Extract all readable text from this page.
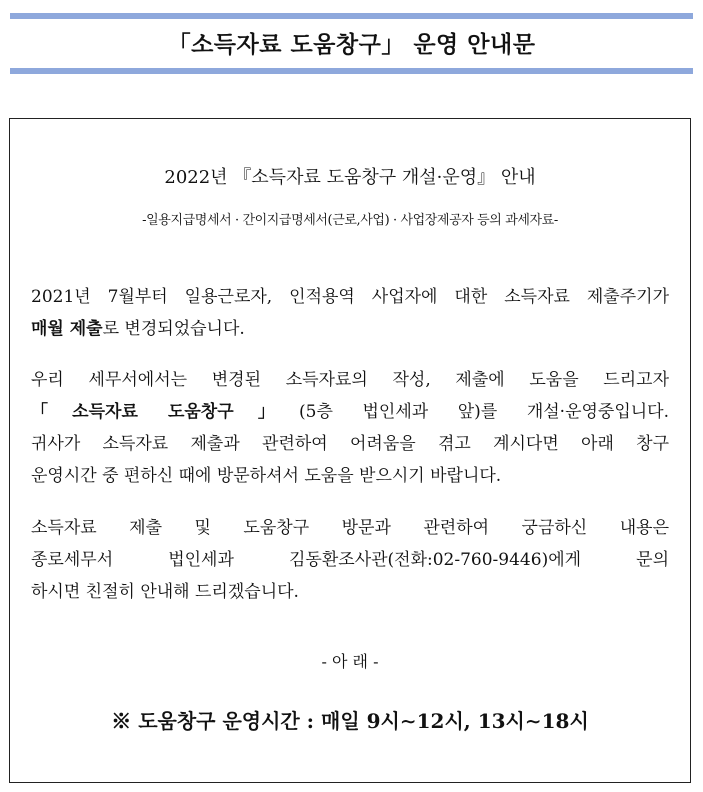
「소득자료 도움창구」 운영 안내문
2022년 『소득자료 도움창구 개설·운영』 안내
-일용지급명세서 · 간이지급명세서(근로,사업) · 사업장제공자 등의 과세자료-
2021년 7월부터 일용근로자, 인적용역 사업자에 대한 소득자료 제출주기가
매월 제출로 변경되었습니다.
우리 세무서에서는 변경된 소득자료의 작성, 제출에 도움을 드리고자
「소득자료 도움창구」(5층 법인세과 앞)를 개설·운영중입니다.
귀사가 소득자료 제출과 관련하여 어려움을 겪고 계시다면 아래 창구
운영시간 중 편하신 때에 방문하셔서 도움을 받으시기 바랍니다.
소득자료 제출 및 도움창구 방문과 관련하여 궁금하신 내용은
종로세무서 법인세과 김동환조사관(전화:02-760-9446)에게 문의
하시면 친절히 안내해 드리겠습니다.
- 아 래 -
※ 도움창구 운영시간 : 매일 9시∼12시, 13시∼18시
